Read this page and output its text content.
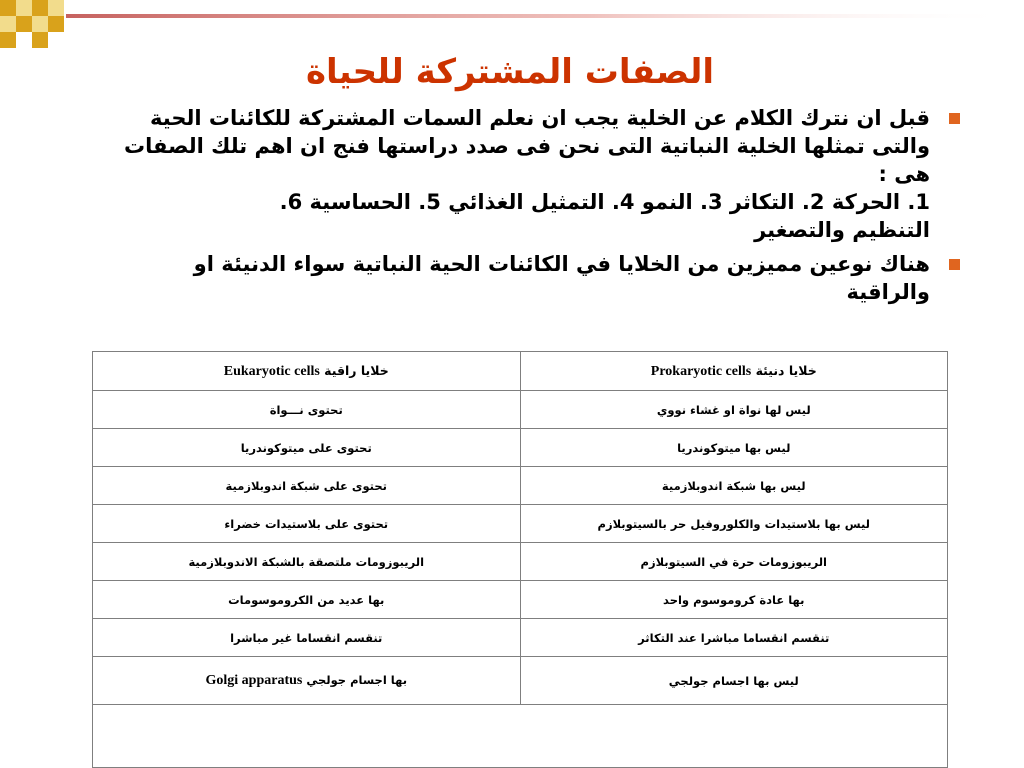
الصفات المشتركة للحياة

قبل ان نترك الكلام عن الخلية يجب ان نعلم السمات المشتركة للكائنات الحية
والتى تمثلها الخلية النباتية التى نحن فى صدد دراستها فنج ان اهم تلك الصفات
هى :
1. الحركة 2. التكاثر 3. النمو 4. التمثيل الغذائي 5. الحساسية 6.
التنظيم والتصغير

هناك نوعين مميزين من الخلايا في الكائنات الحية النباتية سواء الدنيئة او
والراقية

خلايا دنيئة Prokaryotic cells	خلايا راقية Eukaryotic cells
ليس لها نواة او غشاء نووي	تحتوى نـــواة
ليس بها ميتوكوندريا	تحتوى على ميتوكوندريا
ليس بها شبكة اندوبلازمية	تحتوى على شبكة اندوبلازمية
ليس بها بلاستيدات والكلوروفيل حر بالسيتوبلازم	تحتوى على بلاستيدات خضراء
الريبوزومات حرة في السيتوبلازم	الريبوزومات ملتصقة بالشبكة الاندوبلازمية
بها عادة كروموسوم واحد	بها عديد من الكروموسومات
تنقسم انقساما مباشرا عند التكاثر	تنقسم انقساما غير مباشرا
ليس بها اجسام جولجي	بها اجسام جولجي Golgi apparatus
